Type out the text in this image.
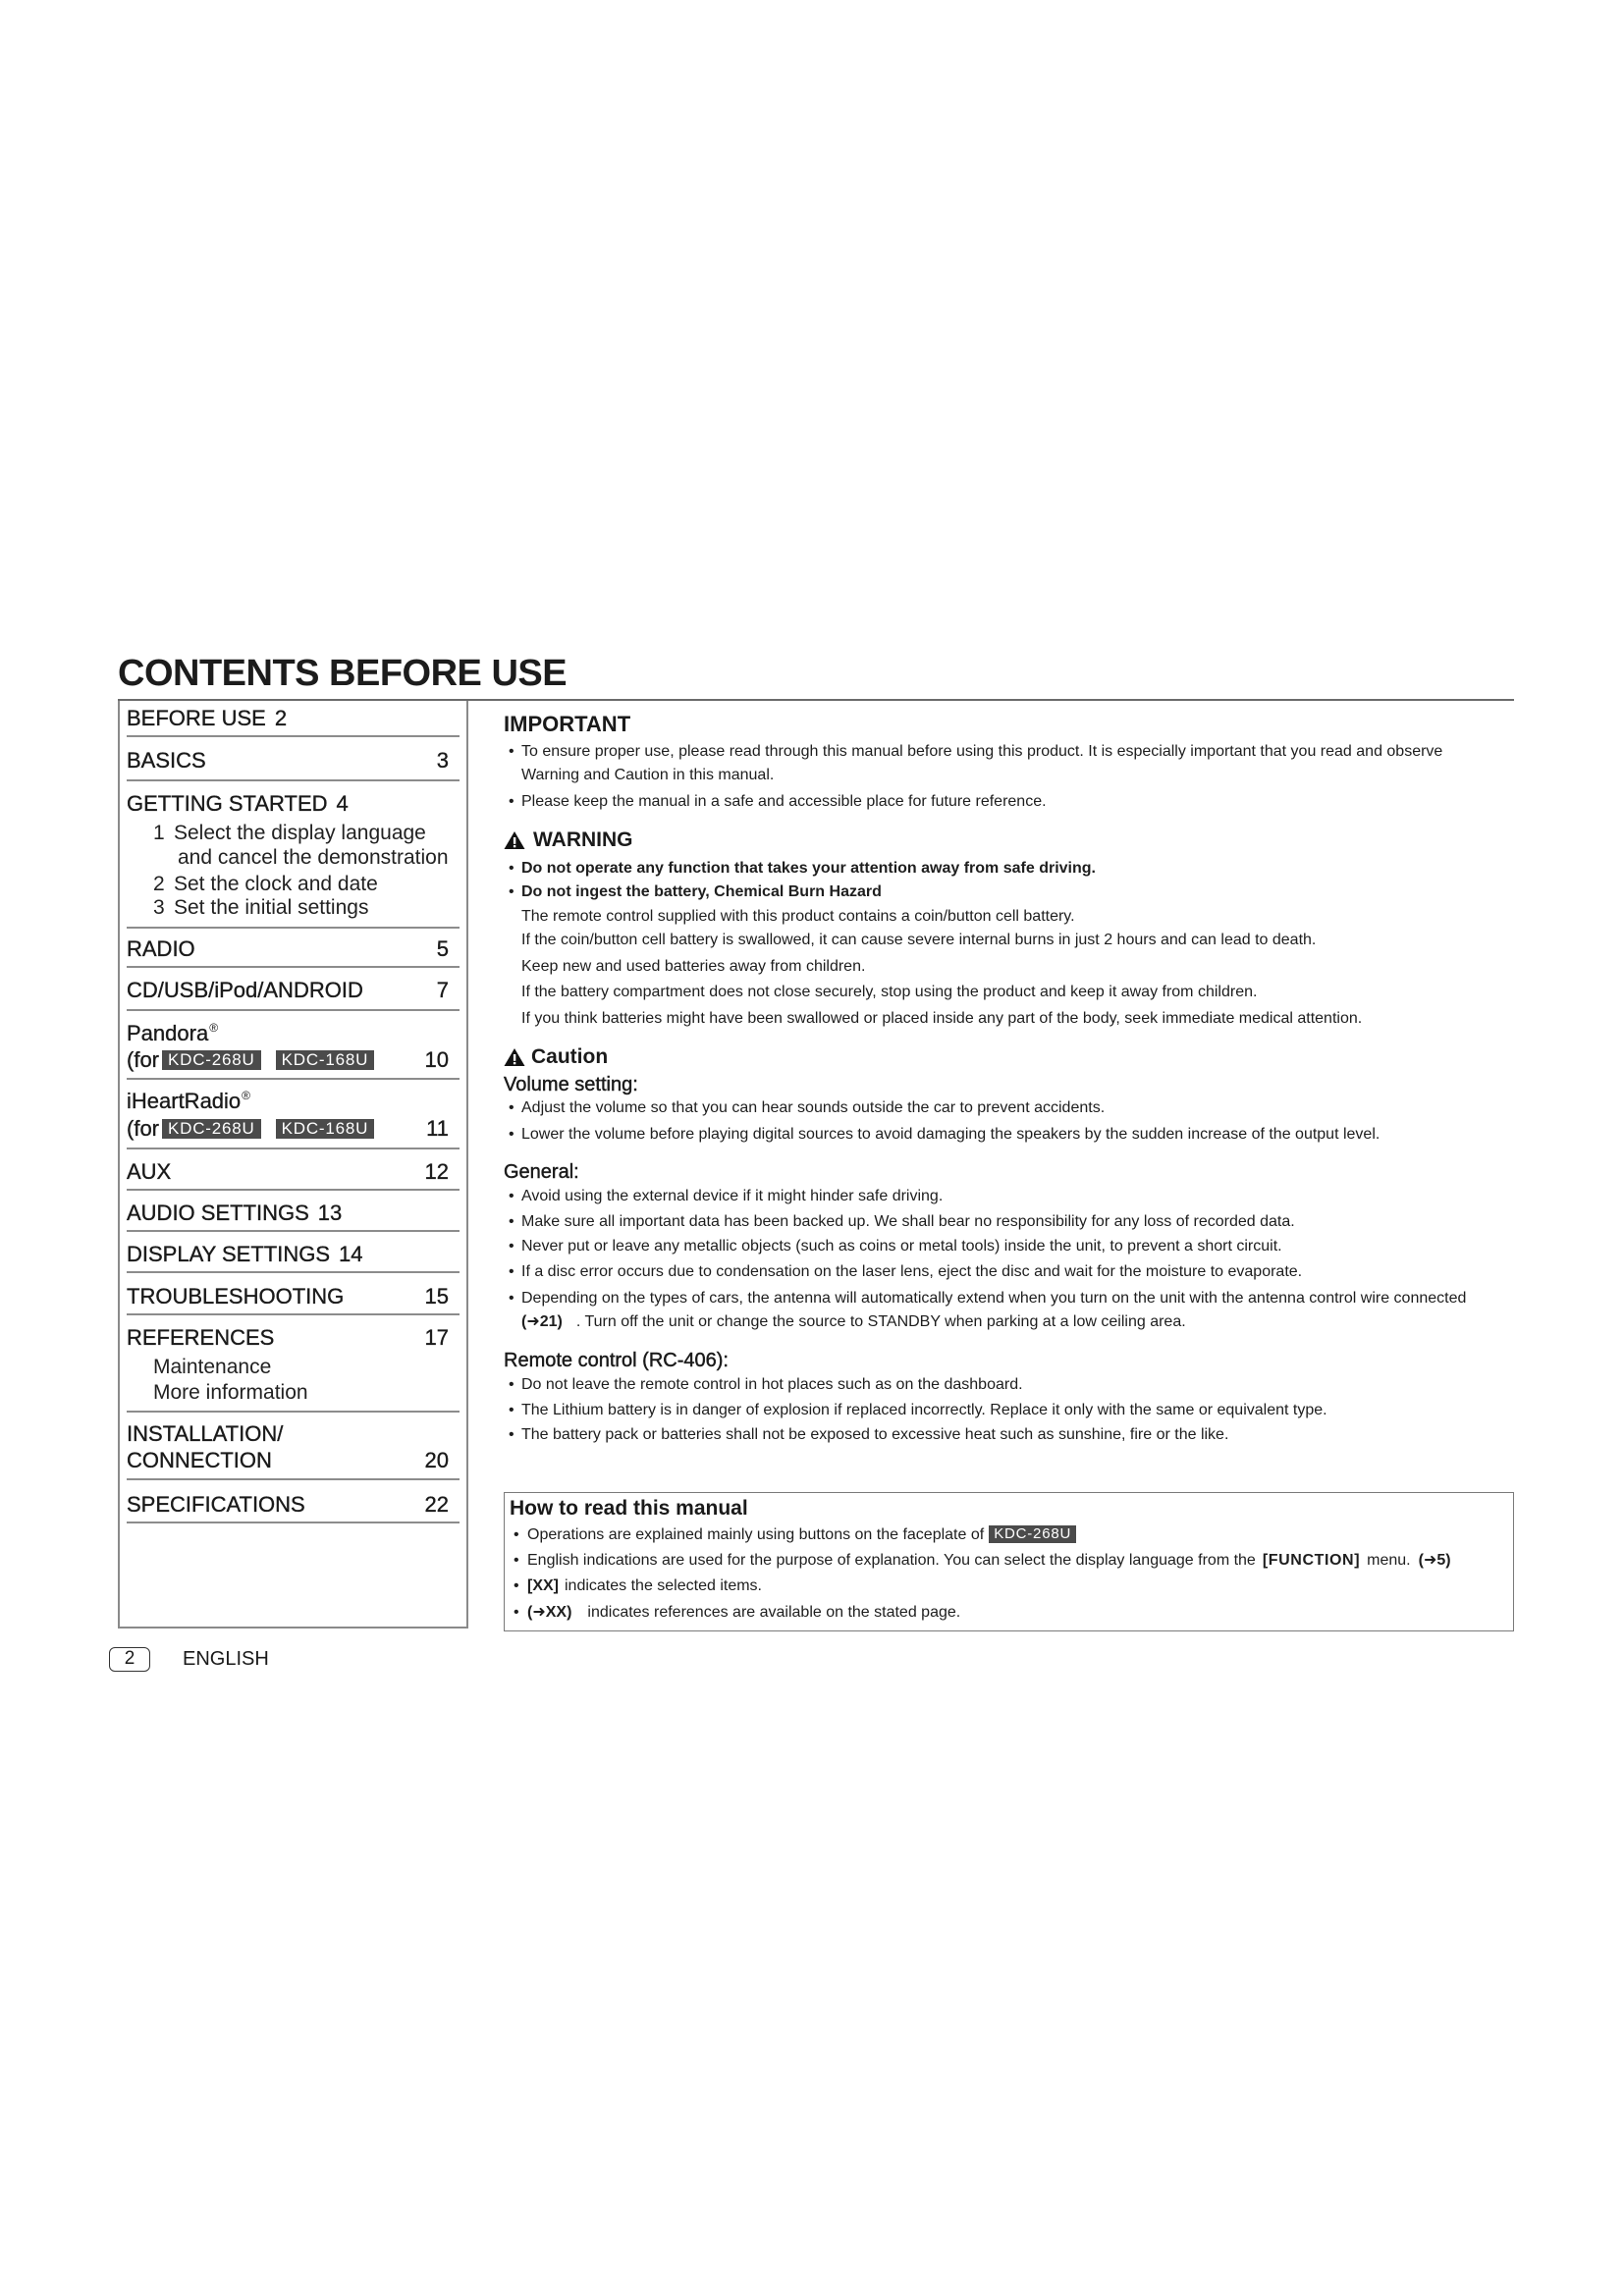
CONTENTS BEFORE USE
BEFORE USE 2
BASICS	3
GETTING STARTED 4
1 Select the display language
and cancel the demonstration
2 Set the clock and date
3 Set the initial settings
RADIO	5
CD/USB/iPod/ANDROID	7
Pandora®
(for KDC-268U KDC-168U	10
iHeartRadio®
(for KDC-268U KDC-168U	11
AUX	12
AUDIO SETTINGS 13
DISPLAY SETTINGS 14
TROUBLESHOOTING	15
REFERENCES	17
Maintenance
More information
INSTALLATION/
CONNECTION	20
SPECIFICATIONS	22
IMPORTANT
• To ensure proper use, please read through this manual before using this product. It is especially important that you read and observe
Warning and Caution in this manual.
• Please keep the manual in a safe and accessible place for future reference.
WARNING
• Do not operate any function that takes your attention away from safe driving.
• Do not ingest the battery, Chemical Burn Hazard
The remote control supplied with this product contains a coin/button cell battery.
If the coin/button cell battery is swallowed, it can cause severe internal burns in just 2 hours and can lead to death.
Keep new and used batteries away from children.
If the battery compartment does not close securely, stop using the product and keep it away from children.
If you think batteries might have been swallowed or placed inside any part of the body, seek immediate medical attention.
Caution
Volume setting:
• Adjust the volume so that you can hear sounds outside the car to prevent accidents.
• Lower the volume before playing digital sources to avoid damaging the speakers by the sudden increase of the output level.
General:
• Avoid using the external device if it might hinder safe driving.
• Make sure all important data has been backed up. We shall bear no responsibility for any loss of recorded data.
• Never put or leave any metallic objects (such as coins or metal tools) inside the unit, to prevent a short circuit.
• If a disc error occurs due to condensation on the laser lens, eject the disc and wait for the moisture to evaporate.
• Depending on the types of cars, the antenna will automatically extend when you turn on the unit with the antenna control wire connected
(➜21) . Turn off the unit or change the source to STANDBY when parking at a low ceiling area.
Remote control (RC-406):
• Do not leave the remote control in hot places such as on the dashboard.
• The Lithium battery is in danger of explosion if replaced incorrectly. Replace it only with the same or equivalent type.
• The battery pack or batteries shall not be exposed to excessive heat such as sunshine, fire or the like.
How to read this manual
• Operations are explained mainly using buttons on the faceplate of KDC-268U
• English indications are used for the purpose of explanation. You can select the display language from the [FUNCTION] menu. (➜5)
• [XX] indicates the selected items.
• (➜XX) indicates references are available on the stated page.
2	ENGLISH
